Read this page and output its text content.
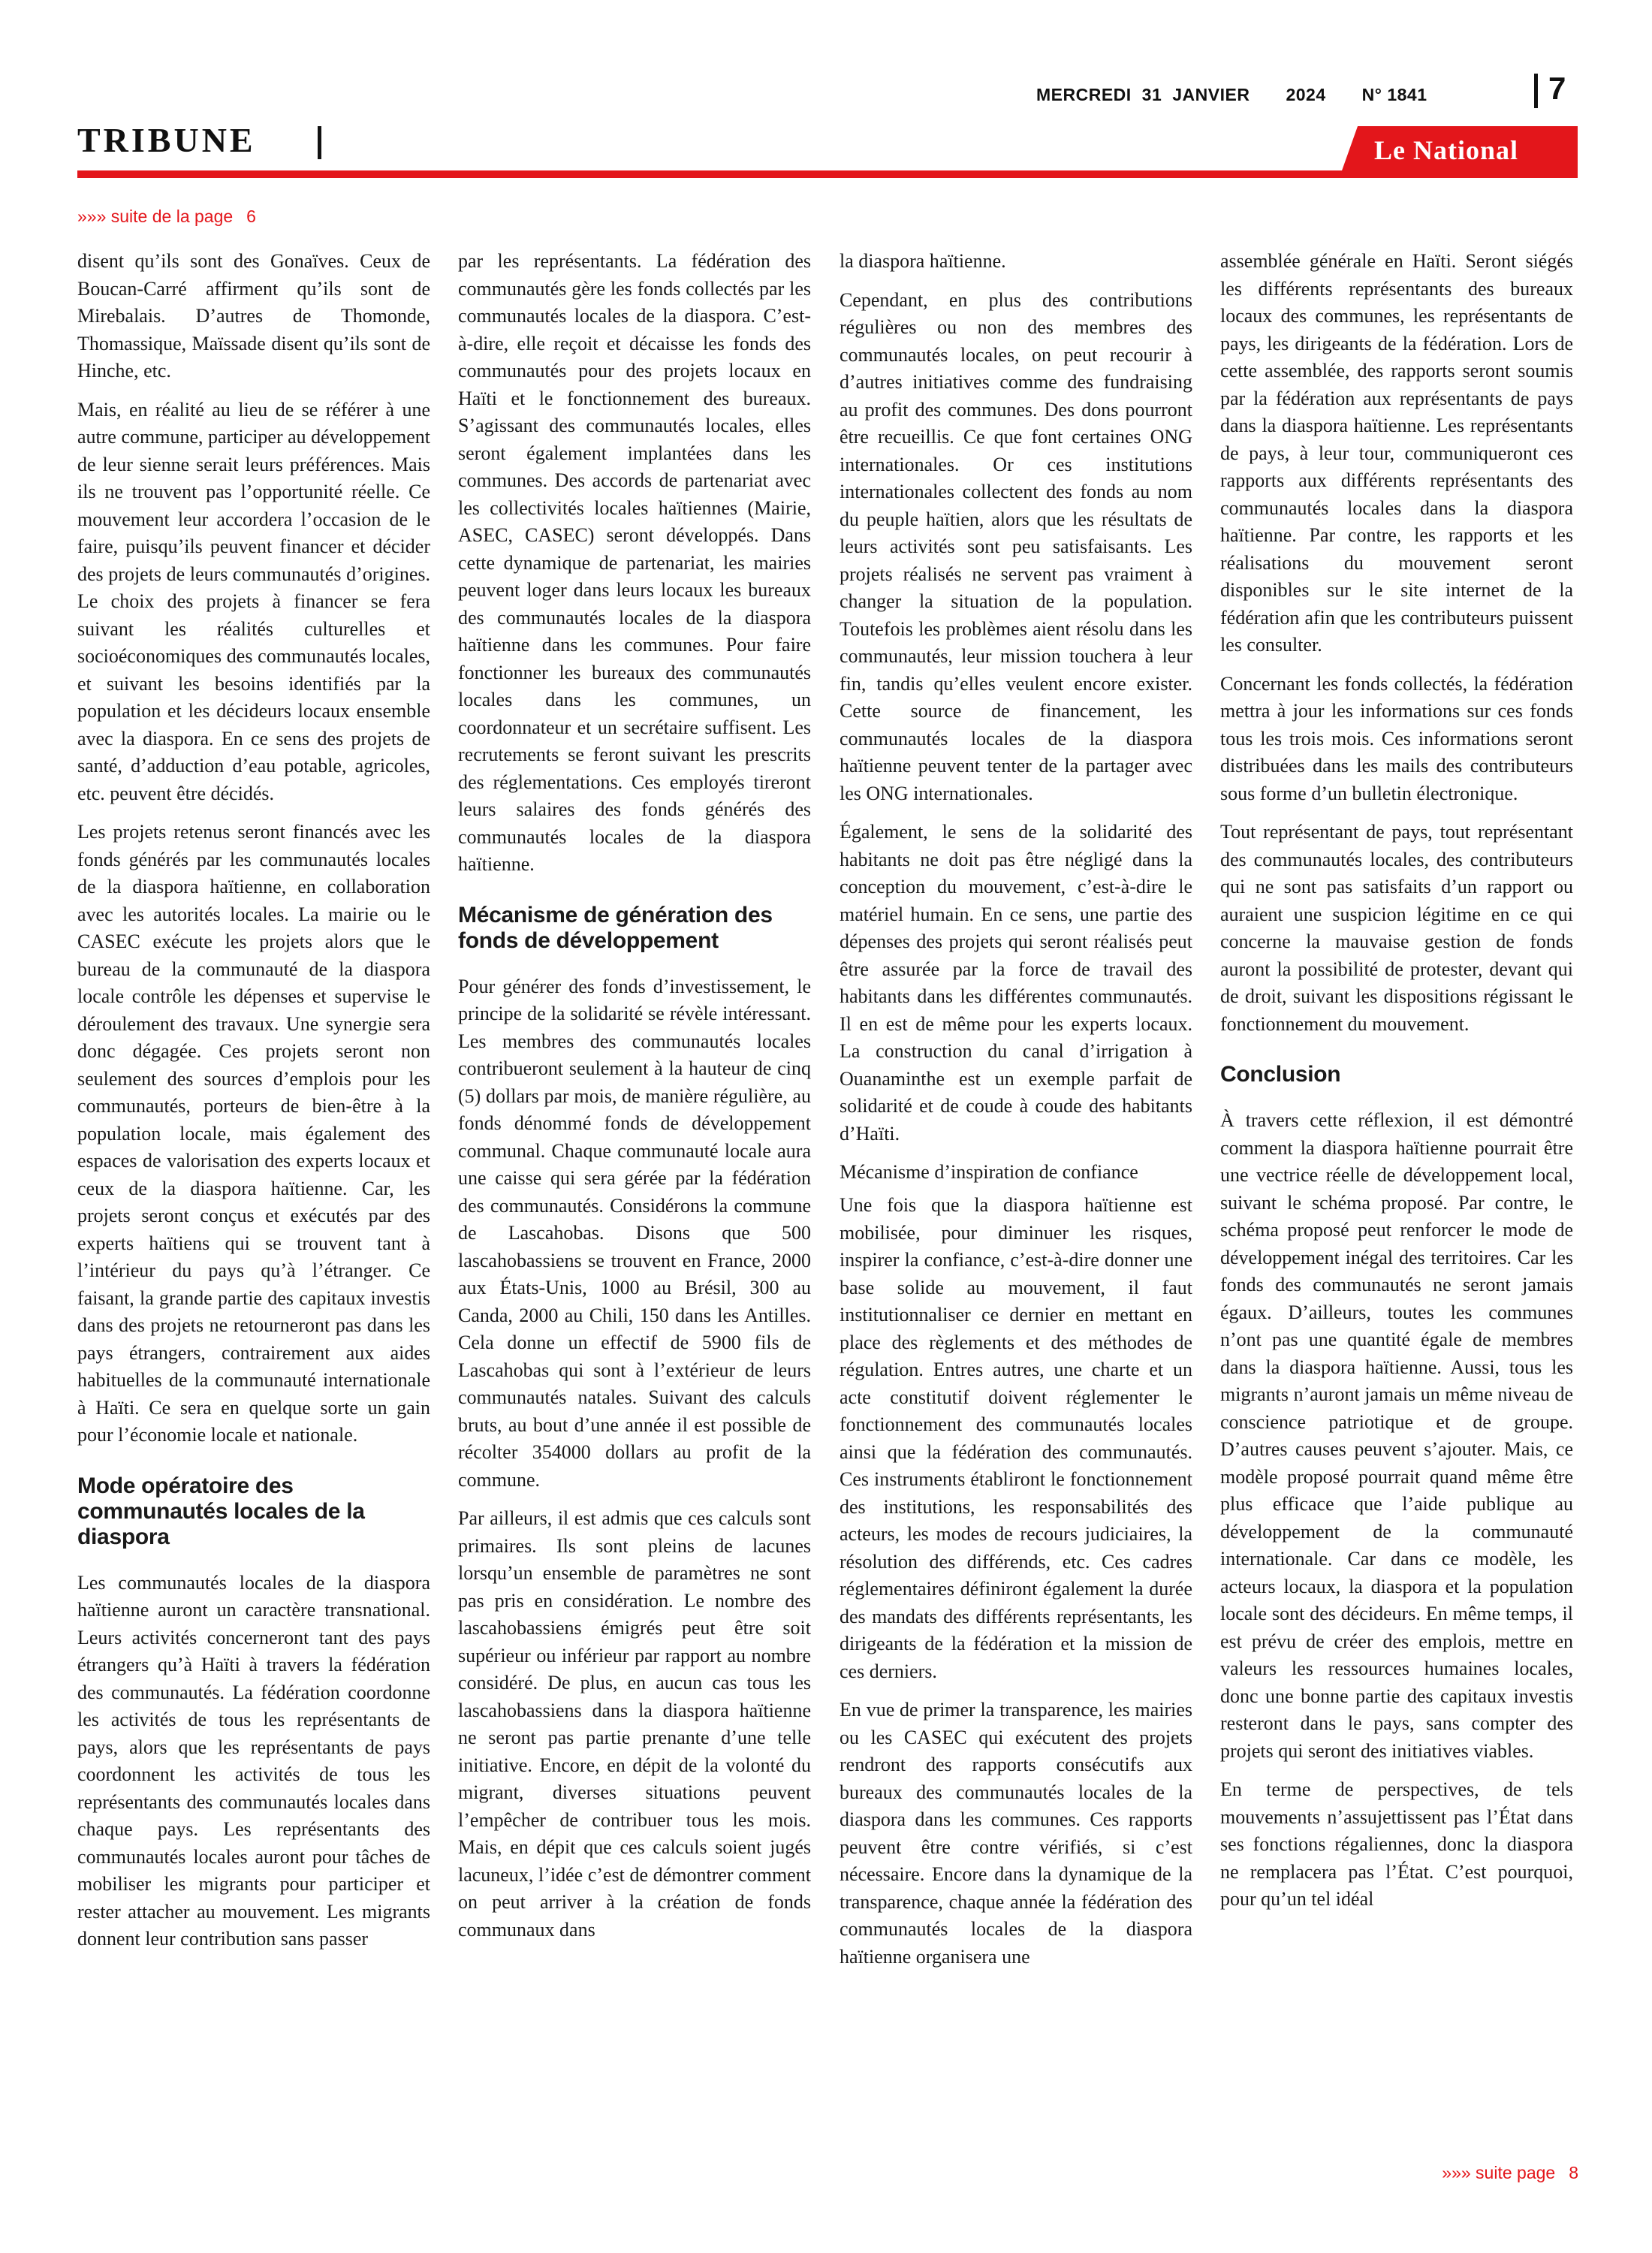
MERCREDI 31 JANVIER 2024 N° 1841	7
TRIBUNE	Le National
»»» suite de la page 6

disent qu’ils sont des Gonaïves. Ceux de Boucan-Carré affirment qu’ils sont de Mirebalais. D’autres de Thomonde, Thomassique, Maïssade disent qu’ils sont de Hinche, etc.

Mais, en réalité au lieu de se référer à une autre commune, participer au développement de leur sienne serait leurs préférences. Mais ils ne trouvent pas l’opportunité réelle. Ce mouvement leur accordera l’occasion de le faire, puisqu’ils peuvent financer et décider des projets de leurs communautés d’origines. Le choix des projets à financer se fera suivant les réalités culturelles et socioéconomiques des communautés locales, et suivant les besoins identifiés par la population et les décideurs locaux ensemble avec la diaspora. En ce sens des projets de santé, d’adduction d’eau potable, agricoles, etc. peuvent être décidés.

Les projets retenus seront financés avec les fonds générés par les communautés locales de la diaspora haïtienne, en collaboration avec les autorités locales. La mairie ou le CASEC exécute les projets alors que le bureau de la communauté de la diaspora locale contrôle les dépenses et supervise le déroulement des travaux. Une synergie sera donc dégagée. Ces projets seront non seulement des sources d’emplois pour les communautés, porteurs de bien-être à la population locale, mais également des espaces de valorisation des experts locaux et ceux de la diaspora haïtienne. Car, les projets seront conçus et exécutés par des experts haïtiens qui se trouvent tant à l’intérieur du pays qu’à l’étranger. Ce faisant, la grande partie des capitaux investis dans des projets ne retourneront pas dans les pays étrangers, contrairement aux aides habituelles de la communauté internationale à Haïti. Ce sera en quelque sorte un gain pour l’économie locale et nationale.

Mode opératoire des communautés locales de la diaspora

Les communautés locales de la diaspora haïtienne auront un caractère transnational. Leurs activités concerneront tant des pays étrangers qu’à Haïti à travers la fédération des communautés. La fédération coordonne les activités de tous les représentants de pays, alors que les représentants de pays coordonnent les activités de tous les représentants des communautés locales dans chaque pays. Les représentants des communautés locales auront pour tâches de mobiliser les migrants pour participer et rester attacher au mouvement. Les migrants donnent leur contribution sans passer

par les représentants. La fédération des communautés gère les fonds collectés par les communautés locales de la diaspora. C’est-à-dire, elle reçoit et décaisse les fonds des communautés pour des projets locaux en Haïti et le fonctionnement des bureaux. S’agissant des communautés locales, elles seront également implantées dans les communes. Des accords de partenariat avec les collectivités locales haïtiennes (Mairie, ASEC, CASEC) seront développés. Dans cette dynamique de partenariat, les mairies peuvent loger dans leurs locaux les bureaux des communautés locales de la diaspora haïtienne dans les communes. Pour faire fonctionner les bureaux des communautés locales dans les communes, un coordonnateur et un secrétaire suffisent. Les recrutements se feront suivant les prescrits des réglementations. Ces employés tireront leurs salaires des fonds générés des communautés locales de la diaspora haïtienne.

Mécanisme de génération des fonds de développement

Pour générer des fonds d’investissement, le principe de la solidarité se révèle intéressant. Les membres des communautés locales contribueront seulement à la hauteur de cinq (5) dollars par mois, de manière régulière, au fonds dénommé fonds de développement communal. Chaque communauté locale aura une caisse qui sera gérée par la fédération des communautés. Considérons la commune de Lascahobas. Disons que 500 lascahobassiens se trouvent en France, 2000 aux États-Unis, 1000 au Brésil, 300 au Canda, 2000 au Chili, 150 dans les Antilles. Cela donne un effectif de 5900 fils de Lascahobas qui sont à l’extérieur de leurs communautés natales. Suivant des calculs bruts, au bout d’une année il est possible de récolter 354000 dollars au profit de la commune.

Par ailleurs, il est admis que ces calculs sont primaires. Ils sont pleins de lacunes lorsqu’un ensemble de paramètres ne sont pas pris en considération. Le nombre des lascahobassiens émigrés peut être soit supérieur ou inférieur par rapport au nombre considéré. De plus, en aucun cas tous les lascahobassiens dans la diaspora haïtienne ne seront pas partie prenante d’une telle initiative. Encore, en dépit de la volonté du migrant, diverses situations peuvent l’empêcher de contribuer tous les mois. Mais, en dépit que ces calculs soient jugés lacuneux, l’idée c’est de démontrer comment on peut arriver à la création de fonds communaux dans

la diaspora haïtienne.

Cependant, en plus des contributions régulières ou non des membres des communautés locales, on peut recourir à d’autres initiatives comme des fundraising au profit des communes. Des dons pourront être recueillis. Ce que font certaines ONG internationales. Or ces institutions internationales collectent des fonds au nom du peuple haïtien, alors que les résultats de leurs activités sont peu satisfaisants. Les projets réalisés ne servent pas vraiment à changer la situation de la population. Toutefois les problèmes aient résolu dans les communautés, leur mission touchera à leur fin, tandis qu’elles veulent encore exister. Cette source de financement, les communautés locales de la diaspora haïtienne peuvent tenter de la partager avec les ONG internationales.

Également, le sens de la solidarité des habitants ne doit pas être négligé dans la conception du mouvement, c’est-à-dire le matériel humain. En ce sens, une partie des dépenses des projets qui seront réalisés peut être assurée par la force de travail des habitants dans les différentes communautés. Il en est de même pour les experts locaux. La construction du canal d’irrigation à Ouanaminthe est un exemple parfait de solidarité et de coude à coude des habitants d’Haïti.

Mécanisme d’inspiration de confiance

Une fois que la diaspora haïtienne est mobilisée, pour diminuer les risques, inspirer la confiance, c’est-à-dire donner une base solide au mouvement, il faut institutionnaliser ce dernier en mettant en place des règlements et des méthodes de régulation. Entres autres, une charte et un acte constitutif doivent réglementer le fonctionnement des communautés locales ainsi que la fédération des communautés. Ces instruments établiront le fonctionnement des institutions, les responsabilités des acteurs, les modes de recours judiciaires, la résolution des différends, etc. Ces cadres réglementaires définiront également la durée des mandats des différents représentants, les dirigeants de la fédération et la mission de ces derniers.

En vue de primer la transparence, les mairies ou les CASEC qui exécutent des projets rendront des rapports consécutifs aux bureaux des communautés locales de la diaspora dans les communes. Ces rapports peuvent être contre vérifiés, si c’est nécessaire. Encore dans la dynamique de la transparence, chaque année la fédération des communautés locales de la diaspora haïtienne organisera une

assemblée générale en Haïti. Seront siégés les différents représentants des bureaux locaux des communes, les représentants de pays, les dirigeants de la fédération. Lors de cette assemblée, des rapports seront soumis par la fédération aux représentants de pays dans la diaspora haïtienne. Les représentants de pays, à leur tour, communiqueront ces rapports aux différents représentants des communautés locales dans la diaspora haïtienne. Par contre, les rapports et les réalisations du mouvement seront disponibles sur le site internet de la fédération afin que les contributeurs puissent les consulter.

Concernant les fonds collectés, la fédération mettra à jour les informations sur ces fonds tous les trois mois. Ces informations seront distribuées dans les mails des contributeurs sous forme d’un bulletin électronique.

Tout représentant de pays, tout représentant des communautés locales, des contributeurs qui ne sont pas satisfaits d’un rapport ou auraient une suspicion légitime en ce qui concerne la mauvaise gestion de fonds auront la possibilité de protester, devant qui de droit, suivant les dispositions régissant le fonctionnement du mouvement.

Conclusion

À travers cette réflexion, il est démontré comment la diaspora haïtienne pourrait être une vectrice réelle de développement local, suivant le schéma proposé. Par contre, le schéma proposé peut renforcer le mode de développement inégal des territoires. Car les fonds des communautés ne seront jamais égaux. D’ailleurs, toutes les communes n’ont pas une quantité égale de membres dans la diaspora haïtienne. Aussi, tous les migrants n’auront jamais un même niveau de conscience patriotique et de groupe. D’autres causes peuvent s’ajouter. Mais, ce modèle proposé pourrait quand même être plus efficace que l’aide publique au développement de la communauté internationale. Car dans ce modèle, les acteurs locaux, la diaspora et la population locale sont des décideurs. En même temps, il est prévu de créer des emplois, mettre en valeurs les ressources humaines locales, donc une bonne partie des capitaux investis resteront dans le pays, sans compter des projets qui seront des initiatives viables.

En terme de perspectives, de tels mouvements n’assujettissent pas l’État dans ses fonctions régaliennes, donc la diaspora ne remplacera pas l’État. C’est pourquoi, pour qu’un tel idéal

»»» suite page 8
